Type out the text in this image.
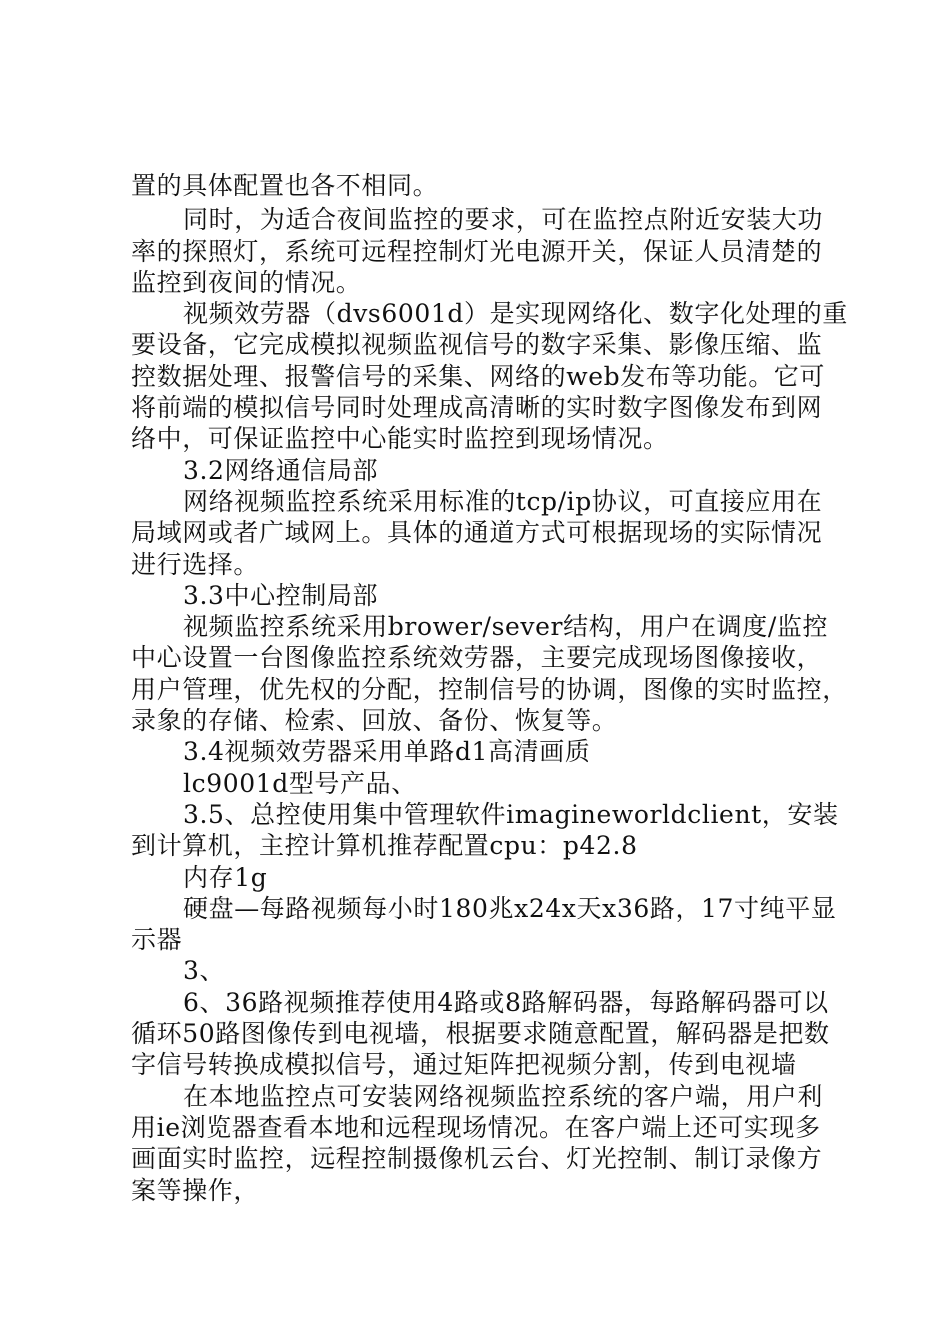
置的具体配置也各不相同。
同时，为适合夜间监控的要求，可在监控点附近安装大功
率的探照灯，系统可远程控制灯光电源开关，保证人员清楚的
监控到夜间的情况。
视频效劳器（dvs6001d）是实现网络化、数字化处理的重
要设备，它完成模拟视频监视信号的数字采集、影像压缩、监
控数据处理、报警信号的采集、网络的web发布等功能。它可
将前端的模拟信号同时处理成高清晰的实时数字图像发布到网
络中，可保证监控中心能实时监控到现场情况。
3.2网络通信局部
网络视频监控系统采用标准的tcp/ip协议，可直接应用在
局域网或者广域网上。具体的通道方式可根据现场的实际情况
进行选择。
3.3中心控制局部
视频监控系统采用brower/sever结构，用户在调度/监控
中心设置一台图像监控系统效劳器，主要完成现场图像接收，
用户管理，优先权的分配，控制信号的协调，图像的实时监控，
录象的存储、检索、回放、备份、恢复等。
3.4视频效劳器采用单路d1高清画质
lc9001d型号产品、
3.5、总控使用集中管理软件imagineworldclient，安装
到计算机，主控计算机推荐配置cpu：p42.8
内存1g
硬盘—每路视频每小时180兆x24x天x36路，17寸纯平显
示器
3、
6、36路视频推荐使用4路或8路解码器，每路解码器可以
循环50路图像传到电视墙，根据要求随意配置，解码器是把数
字信号转换成模拟信号，通过矩阵把视频分割，传到电视墙
在本地监控点可安装网络视频监控系统的客户端，用户利
用ie浏览器查看本地和远程现场情况。在客户端上还可实现多
画面实时监控，远程控制摄像机云台、灯光控制、制订录像方
案等操作，
